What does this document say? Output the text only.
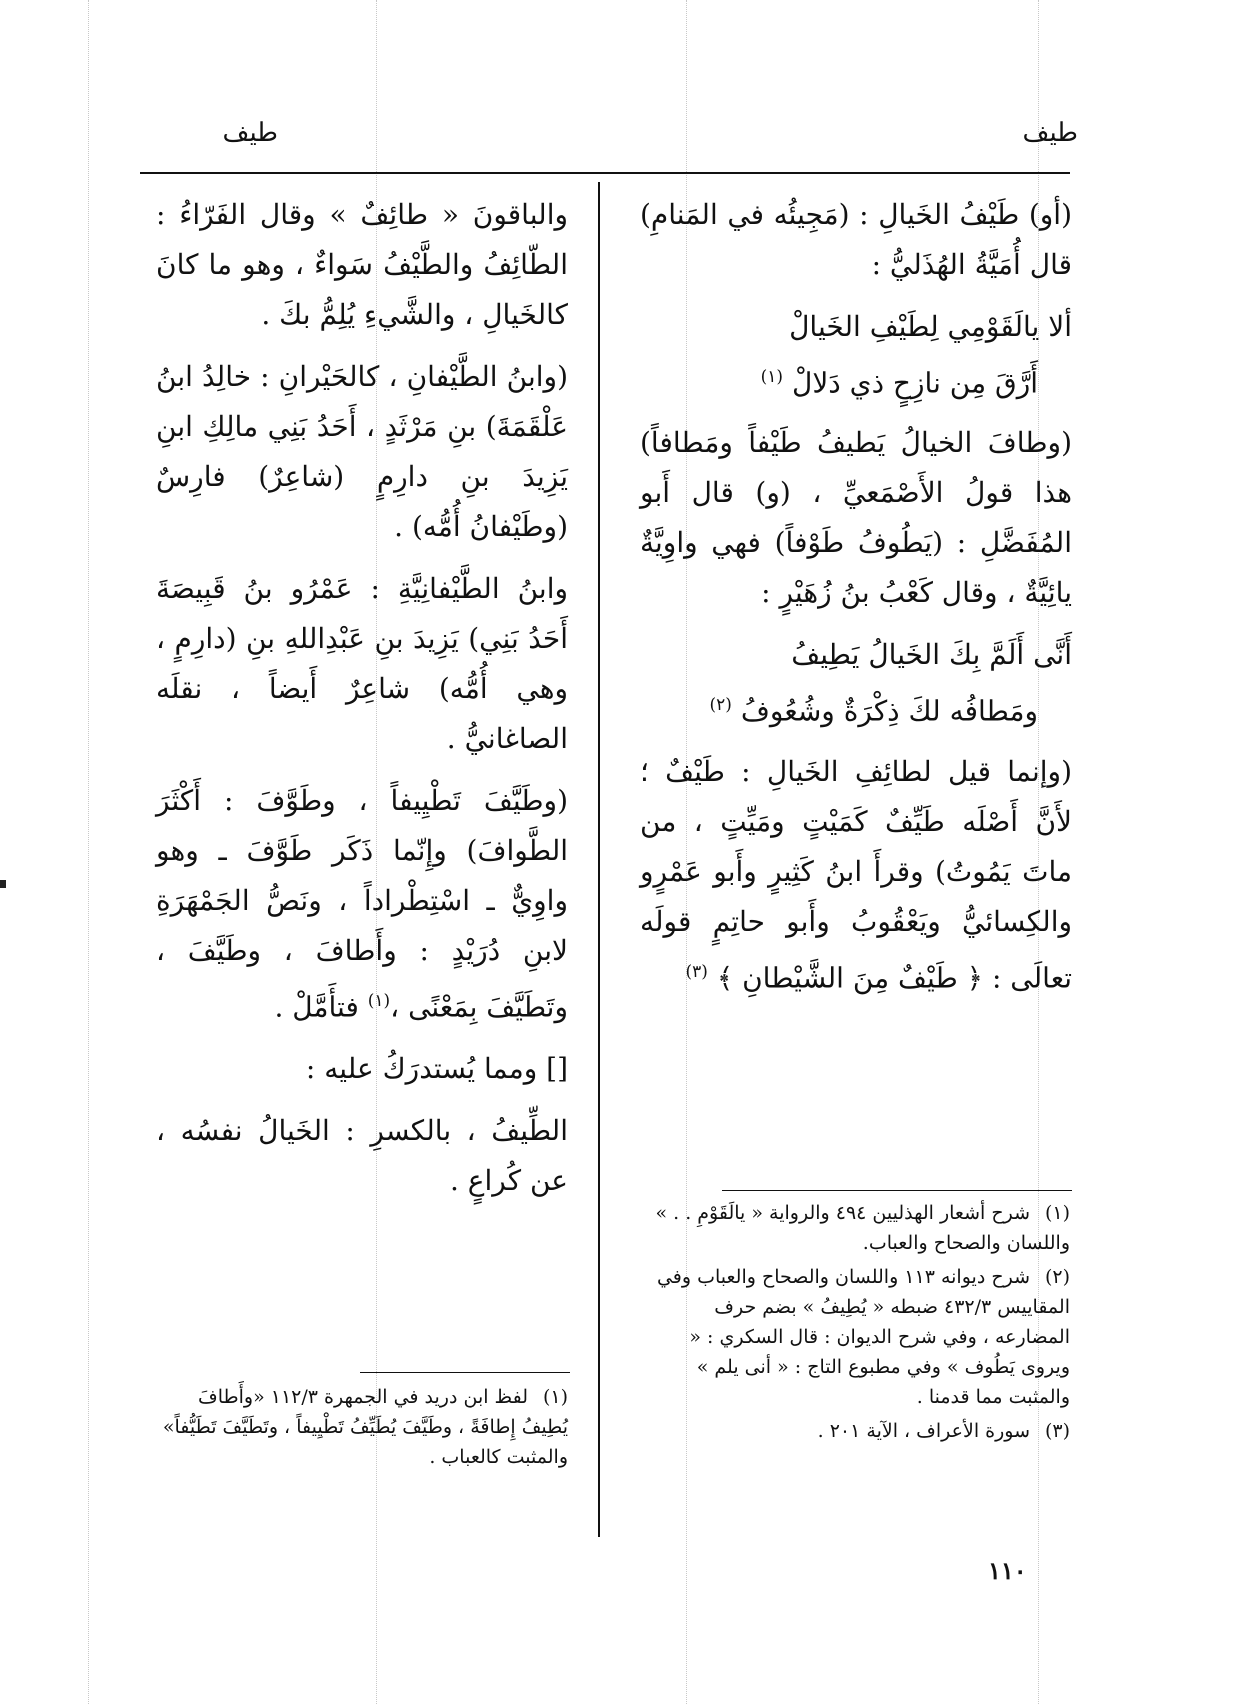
طيف
طيف

(أو) طَيْفُ الخَيالِ : (مَجِيئُه في المَنامِ) قال أُمَيَّةُ الهُذَليُّ :

ألا يالَقَوْمِي لِطَيْفِ الخَيالْ
أَرَّقَ مِن نازِحٍ ذي دَلالْ $^{(١)}$

(وطافَ الخيالُ يَطيفُ طَيْفاً ومَطافاً) هذا قولُ الأَصْمَعيِّ ، (و) قال أَبو المُفَضَّلِ : (يَطُوفُ طَوْفاً) فهي واوِيَّةٌ يائِيَّةٌ ، وقال كَعْبُ بنُ زُهَيْرٍ :

أَنَّى أَلَمَّ بِكَ الخَيالُ يَطِيفُ
ومَطافُه لكَ ذِكْرَةٌ وشُعُوفُ $^{(٢)}$

(وإنما قيل لطائِفِ الخَيالِ : طَيْفٌ ؛ لأَنَّ أَصْلَه طَيِّفٌ كَمَيْتٍ ومَيِّتٍ ، من ماتَ يَمُوتُ) وقرأَ ابنُ كَثِيرٍ وأَبو عَمْرٍو والكِسائيُّ ويَعْقُوبُ وأَبو حاتِمٍ قولَه تعالَى : ﴿ طَيْفٌ مِنَ الشَّيْطانِ ﴾ $^{(٣)}$

(١)شرح أشعار الهذليين ٤٩٤ والرواية « يالَقَوْمِ . . » واللسان والصحاح والعباب.
(٢)شرح ديوانه ١١٣ واللسان والصحاح والعباب وفي المقاييس ٤٣٢/٣ ضبطه « يُطِيفُ » بضم حرف المضارعه ، وفي شرح الديوان : قال السكري : « ويروى يَطُوف » وفي مطبوع التاج : « أنى يلم » والمثبت مما قدمنا .
(٣)سورة الأعراف ، الآية ٢٠١ .

والباقونَ « طائِفٌ » وقال الفَرّاءُ : الطّائِفُ والطَّيْفُ سَواءٌ ، وهو ما كانَ كالخَيالِ ، والشَّيءِ يُلِمُّ بكَ .

(وابنُ الطَّيْفانِ ، كالحَيْرانِ : خالِدُ ابنُ عَلْقَمَةَ) بنِ مَرْثَدٍ ، أَحَدُ بَنِي مالِكِ ابنِ يَزِيدَ بنِ دارِمٍ (شاعِرٌ) فارِسٌ (وطَيْفانُ أُمُّه) .

وابنُ الطَّيْفانِيَّةِ : عَمْرُو بنُ قَبِيصَةَ أَحَدُ بَنِي) يَزِيدَ بنِ عَبْدِاللهِ بنِ (دارِمٍ ، وهي أُمُّه) شاعِرٌ أَيضاً ، نقلَه الصاغانيُّ .

(وطَيَّفَ تَطْيِيفاً ، وطَوَّفَ : أَكْثَرَ الطَّوافَ) وإِنّما ذَكَر طَوَّفَ ـ وهو واوِيٌّ ـ اسْتِطْراداً ، ونَصُّ الجَمْهَرَةِ لابنِ دُرَيْدٍ : وأَطافَ ، وطَيَّفَ ، وتَطَيَّفَ بِمَعْنًى ،$^{(١)}$ فتأَمَّلْ .

[] ومما يُستدرَكُ عليه :

الطِّيفُ ، بالكسرِ : الخَيالُ نفسُه ، عن كُراعٍ .

(١)لفظ ابن دريد في الجمهرة ١١٢/٣ «وأَطافَ يُطِيفُ إِطافَةً ، وطَيَّفَ يُطَيِّفُ تَطْيِيفاً ، وتَطَيَّفَ تَطَيُّفاً» والمثبت كالعباب .
١١٠
